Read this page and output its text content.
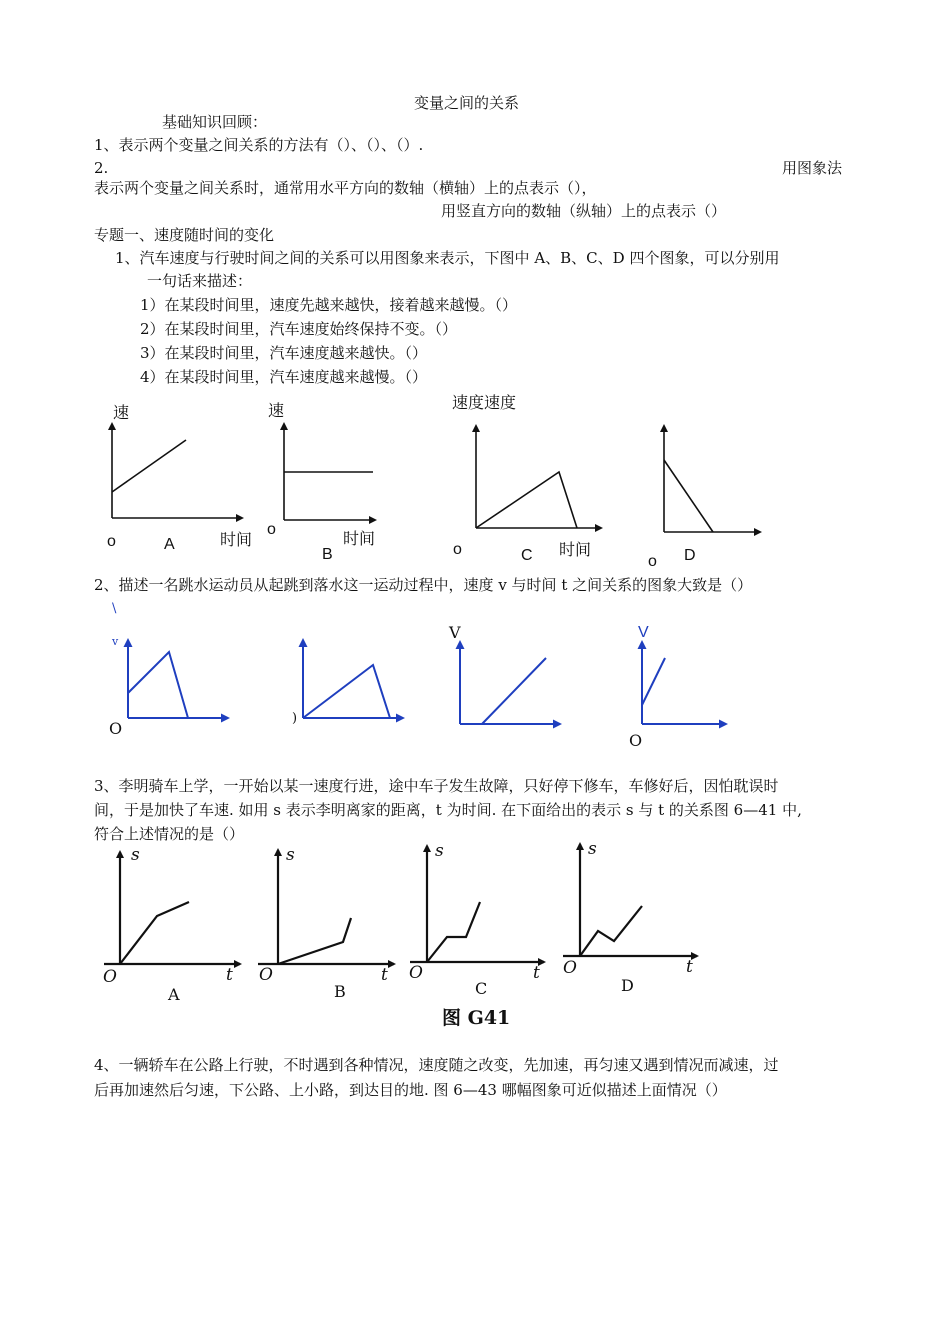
变量之间的关系
基础知识回顾：
1、表示两个变量之间关系的方法有（）、（）、（）.
2.	用图象法
表示两个变量之间关系时，通常用水平方向的数轴（横轴）上的点表示（），
用竖直方向的数轴（纵轴）上的点表示（）
专题一、速度随时间的变化
1、汽车速度与行驶时间之间的关系可以用图象来表示，下图中 A、B、C、D 四个图象，可以分别用
一句话来描述：
1）在某段时间里，速度先越来越快，接着越来越慢。（）
2）在某段时间里，汽车速度始终保持不变。（）
3）在某段时间里，汽车速度越来越快。（）
4）在某段时间里，汽车速度越来越慢。（）
2、描述一名跳水运动员从起跳到落水这一运动过程中，速度 v 与时间 t 之间关系的图象大致是（）
3、李明骑车上学，一开始以某一速度行进，途中车子发生故障，只好停下修车，车修好后，因怕耽误时
间，于是加快了车速. 如用 s 表示李明离家的距离，t 为时间. 在下面给出的表示 s 与 t 的关系图 6—41 中,
符合上述情况的是（）
4、一辆轿车在公路上行驶，不时遇到各种情况，速度随之改变，先加速，再匀速又遇到情况而减速，过
后再加速然后匀速，下公路、上小路，到达目的地. 图 6—43 哪幅图象可近似描述上面情况（）
速	速	速度速度
o	A	时间
o
B
时间
o	C 时间
o D
\
v
O
)
V	V
O
s
t
O
A
s
t
O
B
s
t
O
C
s
t
O
D
图 G41
